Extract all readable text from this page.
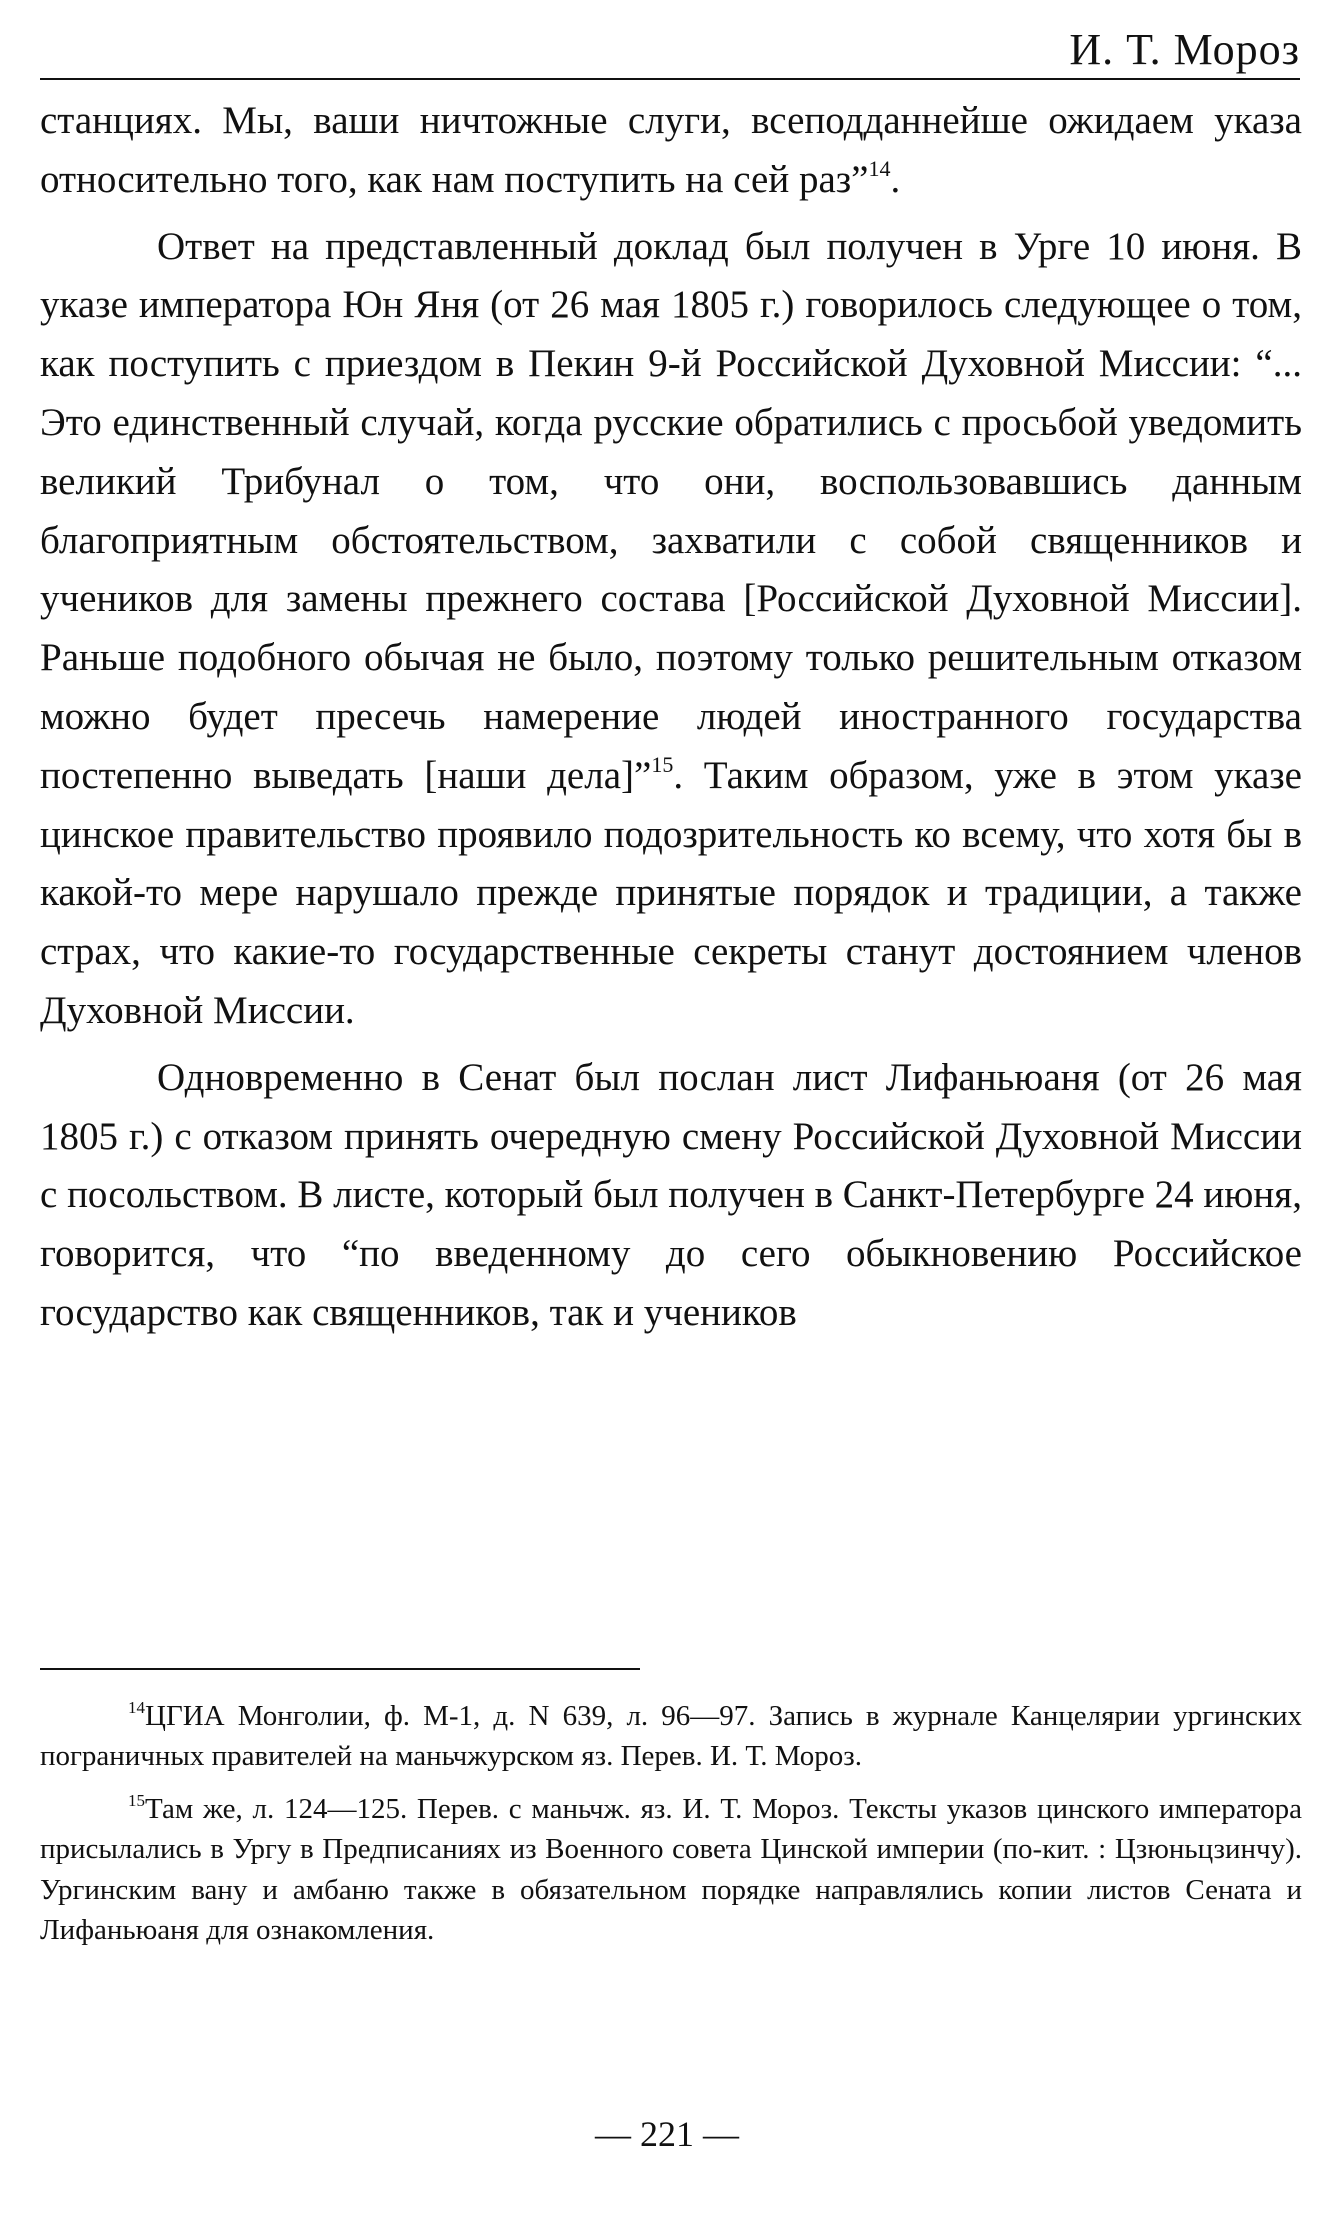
И. Т. Мороз

станциях. Мы, ваши ничтожные слуги, всеподданнейше ожидаем указа относительно того, как нам поступить на сей раз”$^{14}$.

Ответ на представленный доклад был получен в Урге 10 июня. В указе императора Юн Яня (от 26 мая 1805 г.) говорилось следующее о том, как поступить с приездом в Пекин 9-й Российской Духовной Миссии: “... Это единственный случай, когда русские обратились с просьбой уведомить великий Трибунал о том, что они, воспользовавшись данным благоприятным обстоятельством, захватили с собой священников и учеников для замены прежнего состава [Российской Духовной Миссии]. Раньше подобного обычая не было, поэтому только решительным отказом можно будет пресечь намерение людей иностранного государства постепенно выведать [наши дела]”$^{15}$. Таким образом, уже в этом указе цинское правительство проявило подозрительность ко всему, что хотя бы в какой-то мере нарушало прежде принятые порядок и традиции, а также страх, что какие-то государственные секреты станут достоянием членов Духовной Миссии.

Одновременно в Сенат был послан лист Лифаньюаня (от 26 мая 1805 г.) с отказом принять очередную смену Российской Духовной Миссии с посольством. В листе, который был получен в Санкт-Петербурге 24 июня, говорится, что “по введенному до сего обыкновению Российское государство как священников, так и учеников

$^{14}$ЦГИА Монголии, ф. М-1, д. N 639, л. 96—97. Запись в журнале Канцелярии ургинских пограничных правителей на маньчжурском яз. Перев. И. Т. Мороз.

$^{15}$Там же, л. 124—125. Перев. с маньчж. яз. И. Т. Мороз. Тексты указов цинского императора присылались в Ургу в Предписаниях из Военного совета Цинской империи (по-кит. : Цзюньцзинчу). Ургинским вану и амбаню также в обязательном порядке направлялись копии листов Сената и Лифаньюаня для ознакомления.

— 221 —
